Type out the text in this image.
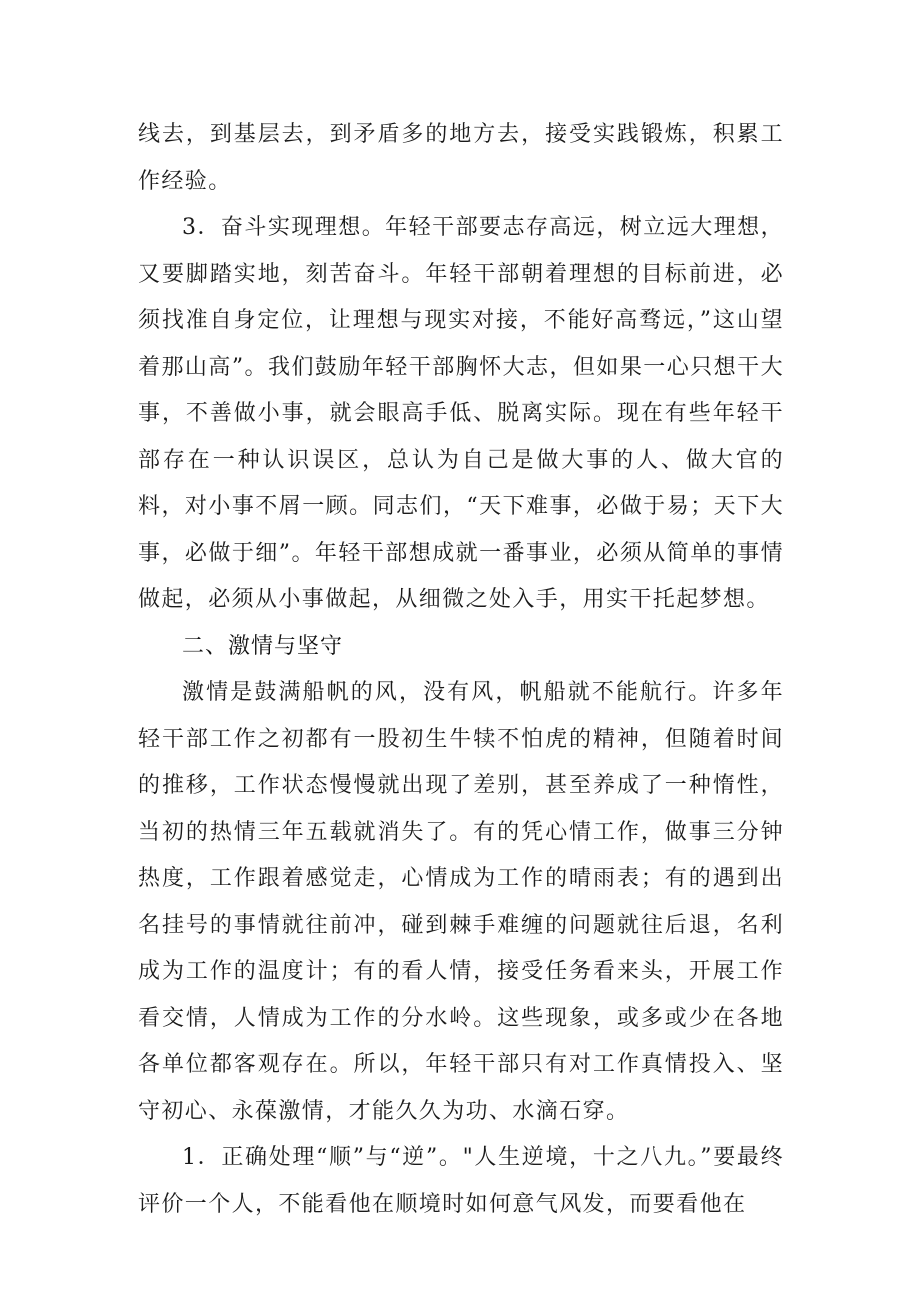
线去，到基层去，到矛盾多的地方去，接受实践锻炼，积累工作经验。

3．奋斗实现理想。年轻干部要志存高远，树立远大理想，又要脚踏实地，刻苦奋斗。年轻干部朝着理想的目标前进，必须找准自身定位，让理想与现实对接，不能好高骛远，”这山望着那山高”。我们鼓励年轻干部胸怀大志，但如果一心只想干大事，不善做小事，就会眼高手低、脱离实际。现在有些年轻干部存在一种认识误区，总认为自己是做大事的人、做大官的料，对小事不屑一顾。同志们，“天下难事，必做于易；天下大事，必做于细”。年轻干部想成就一番事业，必须从简单的事情做起，必须从小事做起，从细微之处入手，用实干托起梦想。

二、激情与坚守

激情是鼓满船帆的风，没有风，帆船就不能航行。许多年轻干部工作之初都有一股初生牛犊不怕虎的精神，但随着时间的推移，工作状态慢慢就出现了差别，甚至养成了一种惰性，当初的热情三年五载就消失了。有的凭心情工作，做事三分钟热度，工作跟着感觉走，心情成为工作的晴雨表；有的遇到出名挂号的事情就往前冲，碰到棘手难缠的问题就往后退，名利成为工作的温度计；有的看人情，接受任务看来头，开展工作看交情，人情成为工作的分水岭。这些现象，或多或少在各地各单位都客观存在。所以，年轻干部只有对工作真情投入、坚守初心、永葆激情，才能久久为功、水滴石穿。

1．正确处理“顺”与“逆”。"人生逆境，十之八九。”要最终评价一个人，不能看他在顺境时如何意气风发，而要看他在
